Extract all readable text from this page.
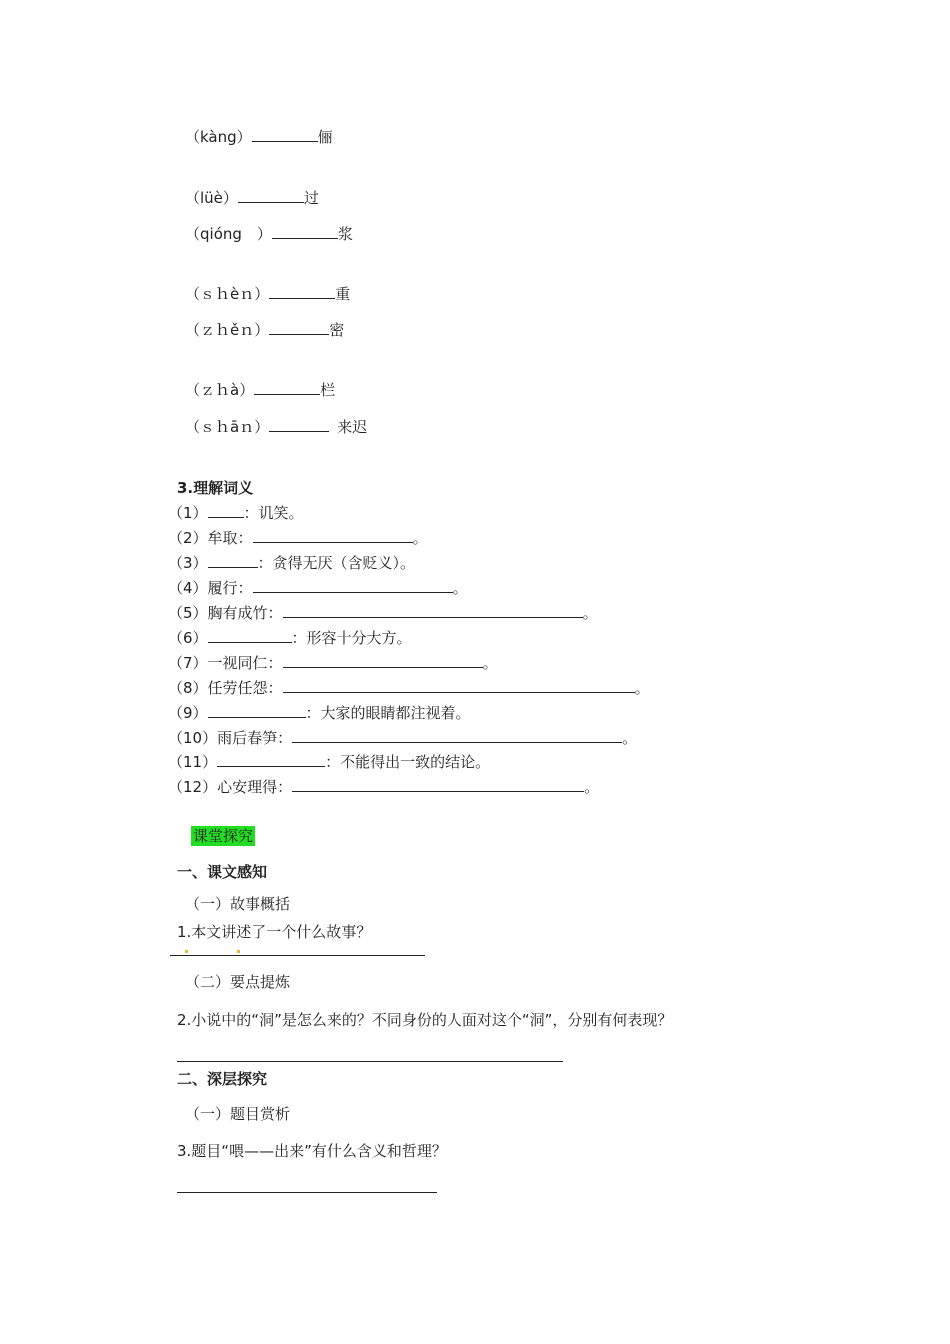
（kàng）	俪
（lüè）	过
（qióng　）	浆
（ｓｈèｎ）	重
（ｚｈěｎ）	密
（ｚｈà）	栏
（ｓｈāｎ）	来迟
3.理解词义
（1） ：讥笑。
（2）牟取：	。
（3）	：贪得无厌（含贬义）。
（4）履行：	。
（5）胸有成竹：	。
（6）	：形容十分大方。
（7）一视同仁：	。
（8）任劳任怨：	。
（9）	：大家的眼睛都注视着。
（10）雨后春笋：	。
（11）	：不能得出一致的结论。
（12）心安理得：	。
课堂探究
一、课文感知
（一）故事概括
1.本文讲述了一个什么故事？
（二）要点提炼
2.小说中的“洞”是怎么来的？不同身份的人面对这个“洞”，分别有何表现？
二、深层探究
（一）题目赏析
3.题目“喂——出来”有什么含义和哲理？
